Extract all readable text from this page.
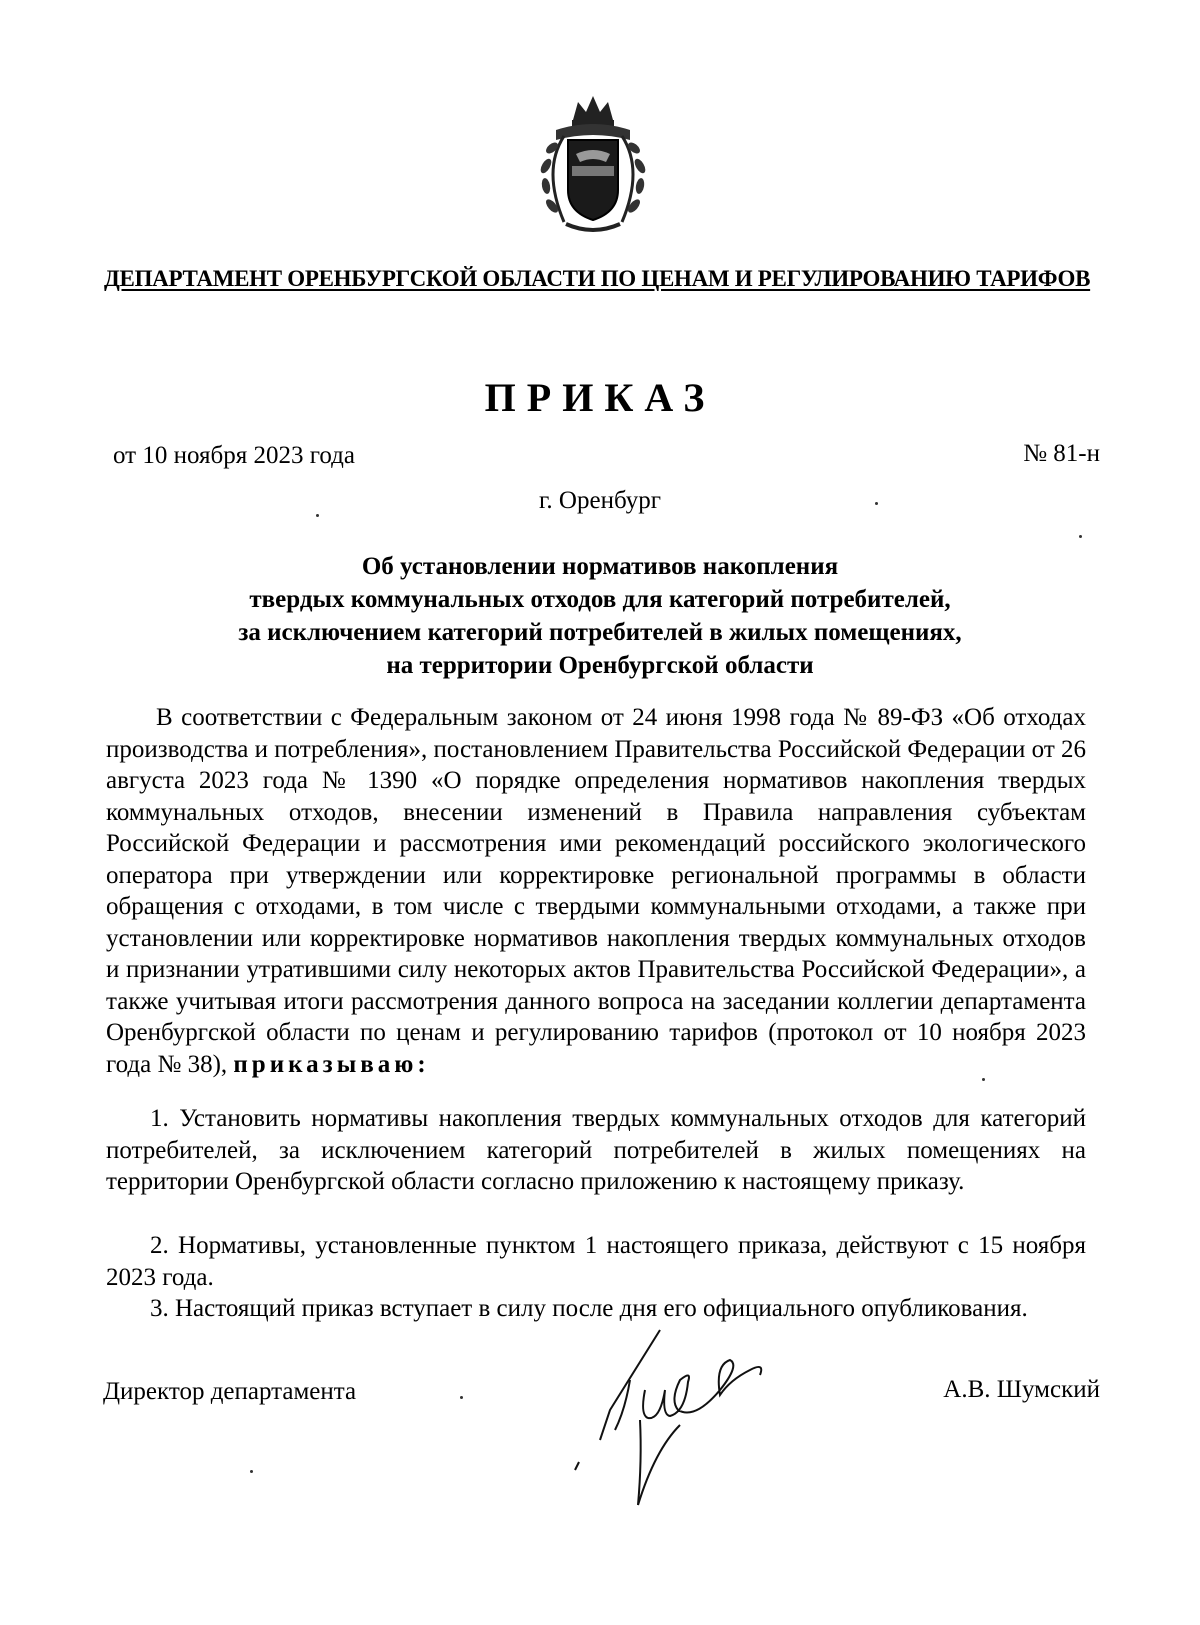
ДЕПАРТАМЕНТ ОРЕНБУРГСКОЙ ОБЛАСТИ ПО ЦЕНАМ И РЕГУЛИРОВАНИЮ ТАРИФОВ
ПРИКАЗ
от 10 ноября 2023 года	№ 81-н
г. Оренбург
Об установлении нормативов накопления
твердых коммунальных отходов для категорий потребителей,
за исключением категорий потребителей в жилых помещениях,
на территории Оренбургской области

В соответствии с Федеральным законом от 24 июня 1998 года № 89-ФЗ «Об отходах производства и потребления», постановлением Правительства Российской Федерации от 26 августа 2023 года № 1390 «О порядке определения нормативов накопления твердых коммунальных отходов, внесении изменений в Правила направления субъектам Российской Федерации и рассмотрения ими рекомендаций российского экологического оператора при утверждении или корректировке региональной программы в области обращения с отходами, в том числе с твердыми коммунальными отходами, а также при установлении или корректировке нормативов накопления твердых коммунальных отходов и признании утратившими силу некоторых актов Правительства Российской Федерации», а также учитывая итоги рассмотрения данного вопроса на заседании коллегии департамента Оренбургской области по ценам и регулированию тарифов (протокол от 10 ноября 2023 года № 38), приказываю:

1. Установить нормативы накопления твердых коммунальных отходов для категорий потребителей, за исключением категорий потребителей в жилых помещениях на территории Оренбургской области согласно приложению к настоящему приказу.

2. Нормативы, установленные пунктом 1 настоящего приказа, действуют с 15 ноября 2023 года.

3. Настоящий приказ вступает в силу после дня его официального опубликования.

Директор департамента	А.В. Шумский
